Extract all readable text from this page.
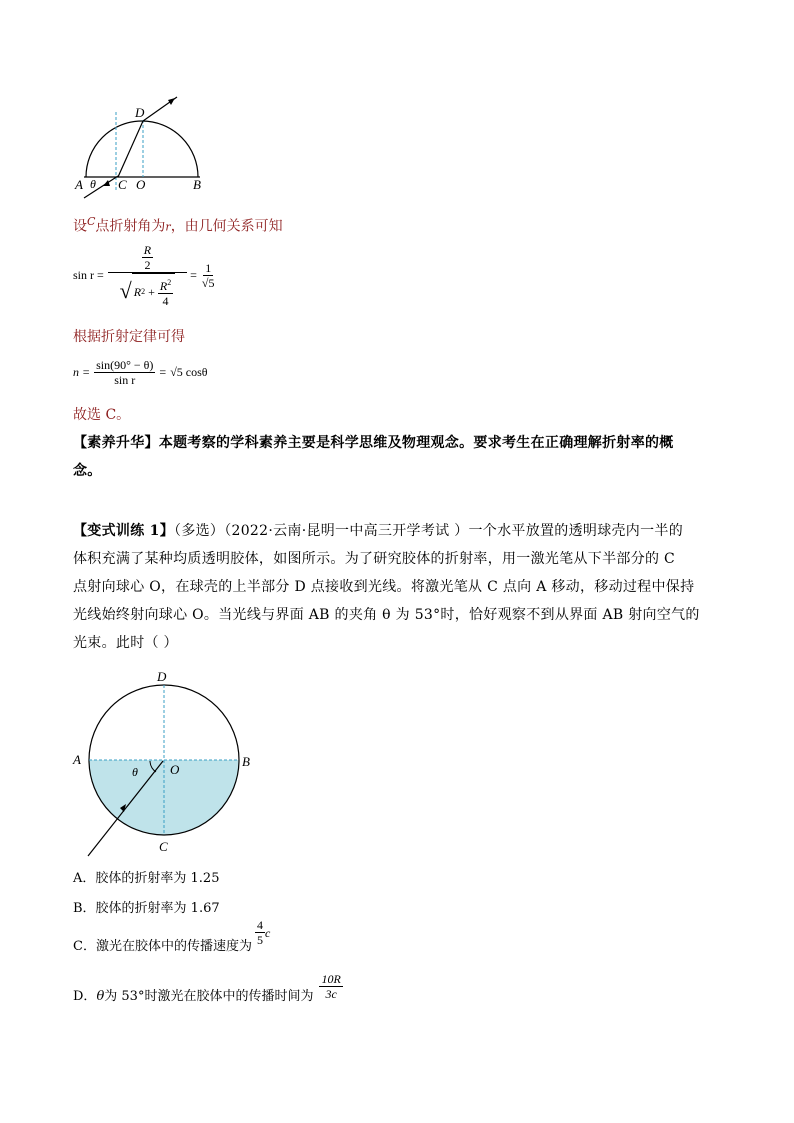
A θ C O	B
D
设$^C$点折射角为r，由几何关系可知
$\sin r = \frac{\frac{R}{2}}{√ R 2 + \frac{R^2}{4}} = \frac{1}{√5}$
根据折射定律可得
$n = \frac{\sin(90^\circ - \theta)}{\text{sin r}} = √5$ cosθ
故选 C。
【素养升华】本题考察的学科素养主要是科学思维及物理观念。要求考生在正确理解折射率的概
念。
【变式训练 1】（多选）（2022·云南·昆明一中高三开学考试 ）一个水平放置的透明球壳内一半的
体积充满了某种均质透明胶体，如图所示。为了研究胶体的折射率，用一激光笔从下半部分的 C
点射向球心 O，在球壳的上半部分 D 点接收到光线。将激光笔从 C 点向 A 移动，移动过程中保持
光线始终射向球心 O。当光线与界面 AB 的夹角 θ 为 53°时，恰好观察不到从界面 AB 射向空气的
光束。此时（ ）
D
A	B
O
C
θ
A．胶体的折射率为 1.25
B．胶体的折射率为 1.67
C．激光在胶体中的传播速度为 $\frac{4}{5}$ c
D． θ 为 53°时激光在胶体中的传播时间为 $\frac{10R}{3c}$
